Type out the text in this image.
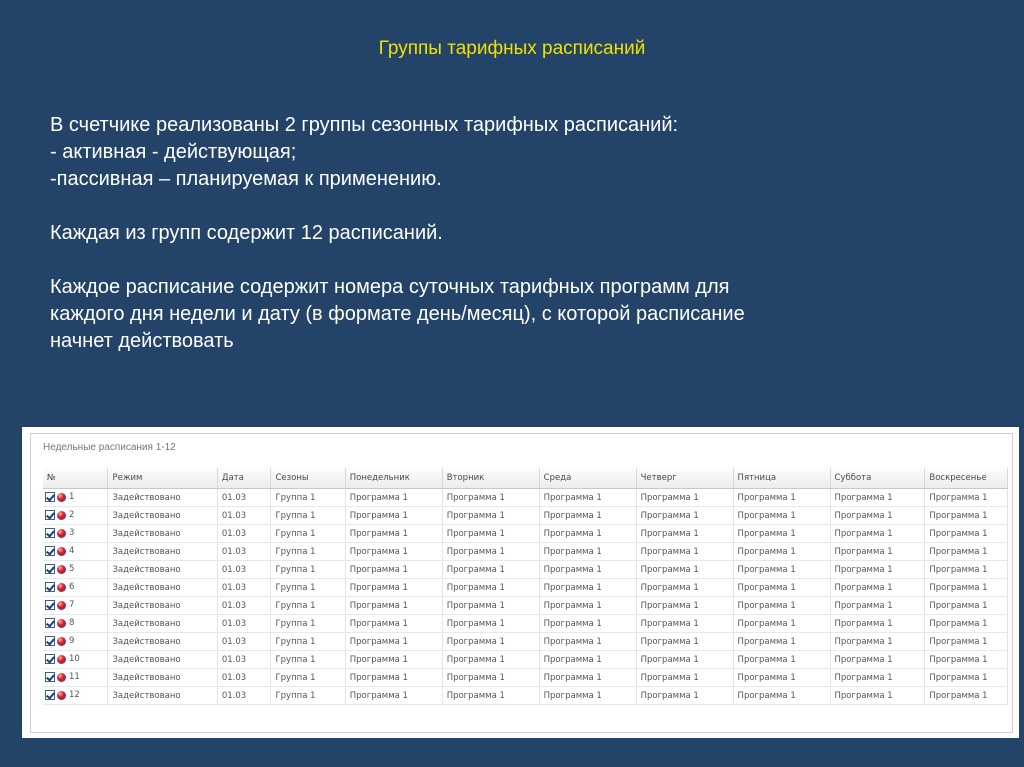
Группы тарифных расписаний

В счетчике реализованы 2 группы сезонных тарифных расписаний:

- активная - действующая;

-пассивная – планируемая к применению.

Каждая из групп содержит 12 расписаний.

Каждое расписание содержит номера суточных тарифных программ для

каждого дня недели и дату (в формате день/месяц), с которой расписание

начнет действовать

Недельные расписания 1-12
№	Режим	Дата	Сезоны	Понедельник	Вторник	Среда	Четверг	Пятница	Суббота	Воскресенье
1	Задействовано	01.03	Группа 1	Программа 1	Программа 1	Программа 1	Программа 1	Программа 1	Программа 1	Программа 1
2	Задействовано	01.03	Группа 1	Программа 1	Программа 1	Программа 1	Программа 1	Программа 1	Программа 1	Программа 1
3	Задействовано	01.03	Группа 1	Программа 1	Программа 1	Программа 1	Программа 1	Программа 1	Программа 1	Программа 1
4	Задействовано	01.03	Группа 1	Программа 1	Программа 1	Программа 1	Программа 1	Программа 1	Программа 1	Программа 1
5	Задействовано	01.03	Группа 1	Программа 1	Программа 1	Программа 1	Программа 1	Программа 1	Программа 1	Программа 1
6	Задействовано	01.03	Группа 1	Программа 1	Программа 1	Программа 1	Программа 1	Программа 1	Программа 1	Программа 1
7	Задействовано	01.03	Группа 1	Программа 1	Программа 1	Программа 1	Программа 1	Программа 1	Программа 1	Программа 1
8	Задействовано	01.03	Группа 1	Программа 1	Программа 1	Программа 1	Программа 1	Программа 1	Программа 1	Программа 1
9	Задействовано	01.03	Группа 1	Программа 1	Программа 1	Программа 1	Программа 1	Программа 1	Программа 1	Программа 1
10	Задействовано	01.03	Группа 1	Программа 1	Программа 1	Программа 1	Программа 1	Программа 1	Программа 1	Программа 1
11	Задействовано	01.03	Группа 1	Программа 1	Программа 1	Программа 1	Программа 1	Программа 1	Программа 1	Программа 1
12	Задействовано	01.03	Группа 1	Программа 1	Программа 1	Программа 1	Программа 1	Программа 1	Программа 1	Программа 1
